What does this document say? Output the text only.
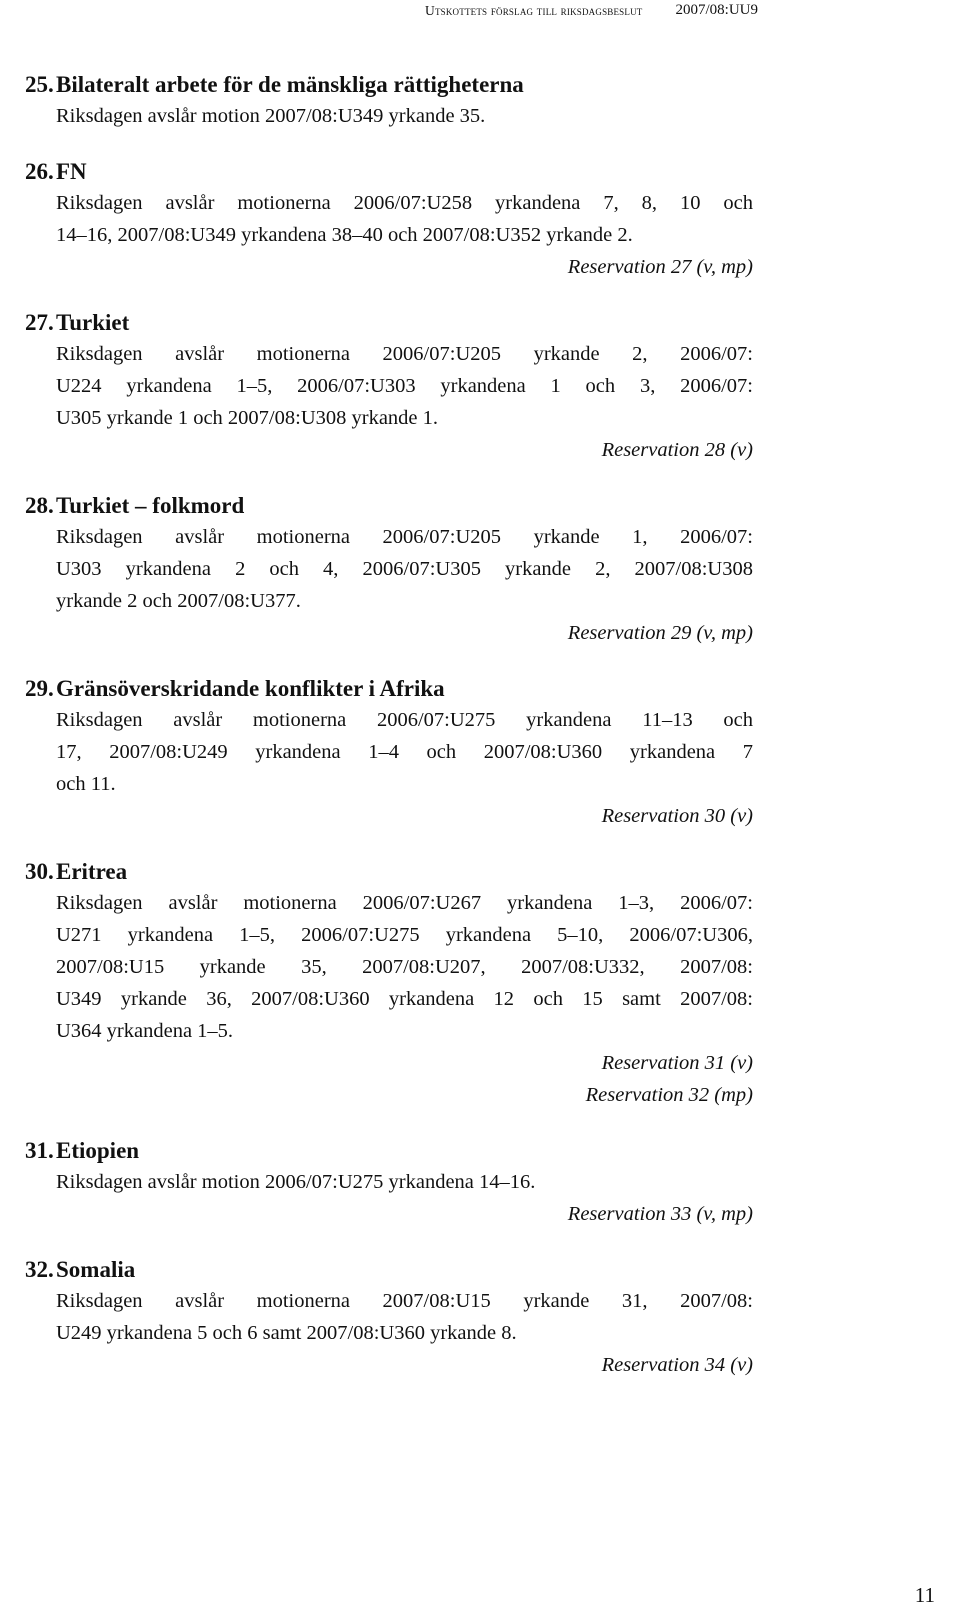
Utskottets förslag till riksdagsbeslut 2007/08:UU9
25. Bilateralt arbete för de mänskliga rättigheterna
Riksdagen avslår motion 2007/08:U349 yrkande 35.
26. FN
Riksdagen avslår motionerna 2006/07:U258 yrkandena 7, 8, 10 och
14–16, 2007/08:U349 yrkandena 38–40 och 2007/08:U352 yrkande 2.
Reservation 27 (v, mp)
27. Turkiet
Riksdagen avslår motionerna 2006/07:U205 yrkande 2, 2006/07:
U224 yrkandena 1–5, 2006/07:U303 yrkandena 1 och 3, 2006/07:
U305 yrkande 1 och 2007/08:U308 yrkande 1.
Reservation 28 (v)
28. Turkiet – folkmord
Riksdagen avslår motionerna 2006/07:U205 yrkande 1, 2006/07:
U303 yrkandena 2 och 4, 2006/07:U305 yrkande 2, 2007/08:U308
yrkande 2 och 2007/08:U377.
Reservation 29 (v, mp)
29. Gränsöverskridande konflikter i Afrika
Riksdagen avslår motionerna 2006/07:U275 yrkandena 11–13 och
17, 2007/08:U249 yrkandena 1–4 och 2007/08:U360 yrkandena 7
och 11.
Reservation 30 (v)
30. Eritrea
Riksdagen avslår motionerna 2006/07:U267 yrkandena 1–3, 2006/07:
U271 yrkandena 1–5, 2006/07:U275 yrkandena 5–10, 2006/07:U306,
2007/08:U15 yrkande 35, 2007/08:U207, 2007/08:U332, 2007/08:
U349 yrkande 36, 2007/08:U360 yrkandena 12 och 15 samt 2007/08:
U364 yrkandena 1–5.
Reservation 31 (v)
Reservation 32 (mp)
31. Etiopien
Riksdagen avslår motion 2006/07:U275 yrkandena 14–16.
Reservation 33 (v, mp)
32. Somalia
Riksdagen avslår motionerna 2007/08:U15 yrkande 31, 2007/08:
U249 yrkandena 5 och 6 samt 2007/08:U360 yrkande 8.
Reservation 34 (v)
11
